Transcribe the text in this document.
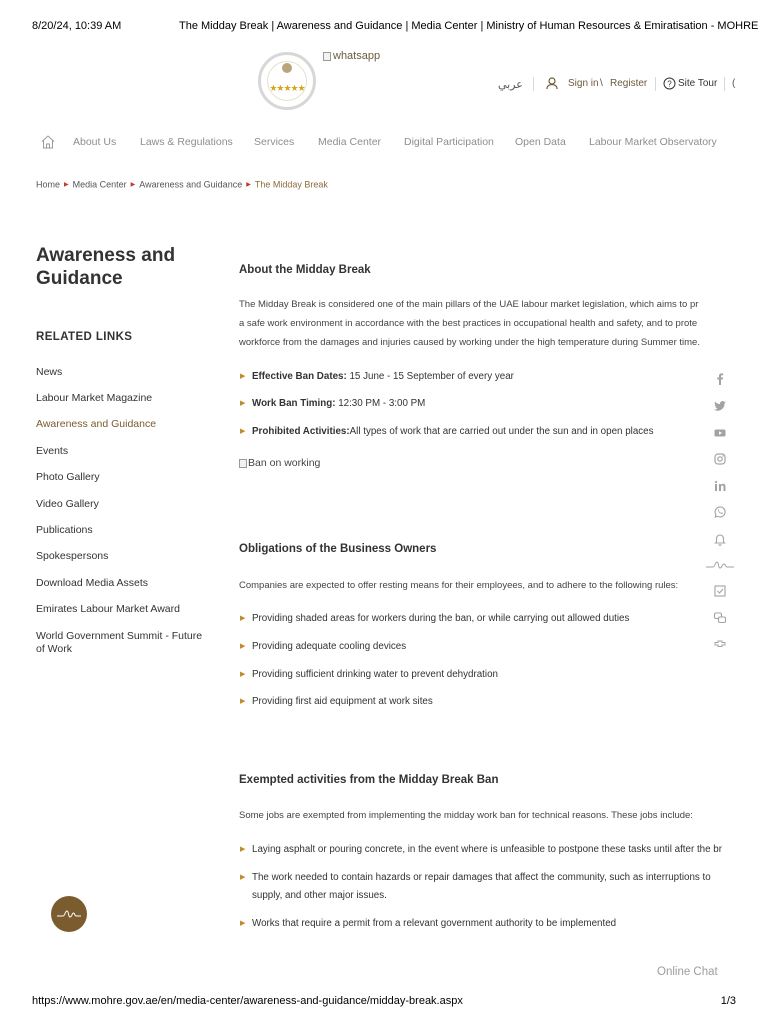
8/20/24, 10:39 AM	The Midday Break | Awareness and Guidance | Media Center | Ministry of Human Resources & Emiratisation - MOHRE
★★★★★
whatsapp
عربي	Sign in \ Register	? Site Tour (
About Us Laws & Regulations Services Media Center Digital Participation Open Data Labour Market Observatory
Home ▶ Media Center ▶ Awareness and Guidance ▶ The Midday Break
Awareness and Guidance
RELATED LINKS
News
Labour Market Magazine
Awareness and Guidance
Events
Photo Gallery
Video Gallery
Publications
Spokespersons
Download Media Assets
Emirates Labour Market Award
World Government Summit - Future of Work
About the Midday Break
The Midday Break is considered one of the main pillars of the UAE labour market legislation, which aims to pr
a safe work environment in accordance with the best practices in occupational health and safety, and to prote
workforce from the damages and injuries caused by working under the high temperature during Summer time.
▶ Effective Ban Dates: 15 June - 15 September of every year
▶ Work Ban Timing: 12:30 PM - 3:00 PM
▶ Prohibited Activities:All types of work that are carried out under the sun and in open places
Ban on working
Obligations of the Business Owners
Companies are expected to offer resting means for their employees, and to adhere to the following rules:
▶ Providing shaded areas for workers during the ban, or while carrying out allowed duties
▶ Providing adequate cooling devices
▶ Providing sufficient drinking water to prevent dehydration
▶ Providing first aid equipment at work sites
Exempted activities from the Midday Break Ban
Some jobs are exempted from implementing the midday work ban for technical reasons. These jobs include:
▶ Laying asphalt or pouring concrete, in the event where is unfeasible to postpone these tasks until after the br
▶ The work needed to contain hazards or repair damages that affect the community, such as interruptions to
supply, and other major issues.
▶ Works that require a permit from a relevant government authority to be implemented
Online Chat
https://www.mohre.gov.ae/en/media-center/awareness-and-guidance/midday-break.aspx	1/3
